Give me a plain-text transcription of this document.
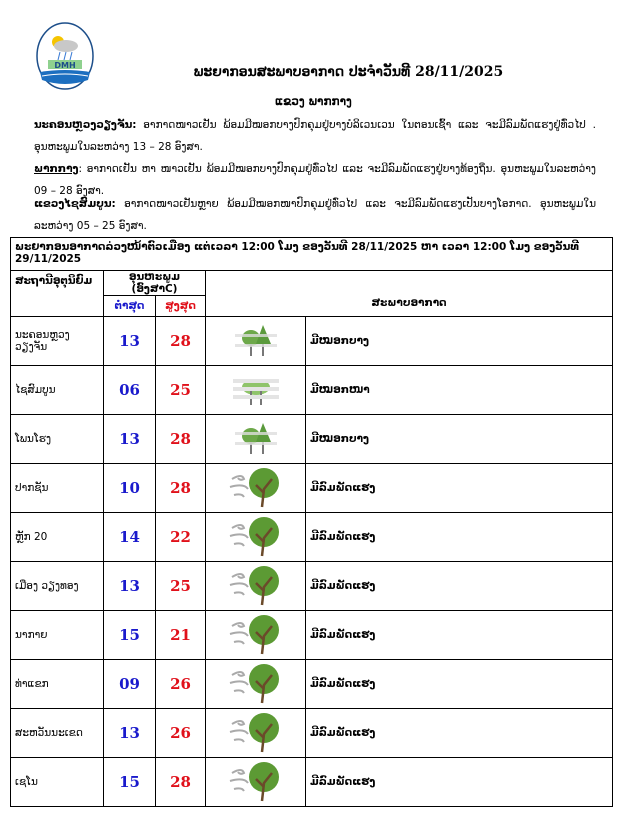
DMH	ພະຍາກອນສະພາບອາກາດ ປະຈຳວັນທີ 28/11/2025
ແຂວງ ພາກກາງ
ນະຄອນຫຼວງວຽງຈັນ: ອາກາດໜາວເຢັນ ພ້ອມມີໝອກບາງປົກຄຸມຢູ່ບາງບໍລິເວນເວນ ໃນຕອນເຊົ້າ ແລະ ຈະມີລົມພັດແຮງຢູ່ທົ່ວໄປ . ອຸນຫະພູມໃນລະຫວ່າງ 13 – 28 ອົງສາ.
ພາກກາງ: ອາກາດເຢັນ ຫາ ໜາວເຢັນ ພ້ອມມີໝອກບາງປົກຄຸມຢູ່ທົ່ວໄປ ແລະ ຈະມີລົມພັດແຮງຢູ່ບາງທ້ອງຖິ່ນ. ອຸນຫະພູມໃນລະຫວ່າງ 09 – 28 ອົງສາ.
ແຂວງໄຊສົມບູນ: ອາກາດໜາວເຢັນຫຼາຍ ພ້ອມມີໝອກໜາປົກຄຸມຢູ່ທົ່ວໄປ ແລະ ຈະມີລົມພັດແຮງເປັນບາງໂອກາດ. ອຸນຫະພູມໃນລະຫວ່າງ 05 – 25 ອົງສາ.
ພະຍາກອນອາກາດລ່ວງໜ້າຕົວເມືອງ ແຕ່ເວລາ 12:00 ໂມງ ຂອງວັນທີ 28/11/2025 ຫາ ເວລາ 12:00 ໂມງ ຂອງວັນທີ 29/11/2025				
ສະຖານີອຸຕຸນິຍົມ	ອຸນຫະພູມ (ອົງສາC)		ສະພາບອາກາດ	
	ຕ່ຳສຸດ	ສູງສຸດ		
ນະຄອນຫຼວງວຽງຈັນ	13	28		ມີໝອກບາງ
ໄຊສົມບູນ	06	25		ມີໝອກໜາ
ໂພນໂຮງ	13	28		ມີໝອກບາງ
ປາກຊັນ	10	28		ມີລົມພັດແຮງ
ຫຼັກ 20	14	22		ມີລົມພັດແຮງ
ເມືອງ ວຽງທອງ	13	25		ມີລົມພັດແຮງ
ນາກາຍ	15	21		ມີລົມພັດແຮງ
ທ່າແຂກ	09	26		ມີລົມພັດແຮງ
ສະຫວັນນະເຂດ	13	26		ມີລົມພັດແຮງ
ເຊໂນ	15	28		ມີລົມພັດແຮງ
